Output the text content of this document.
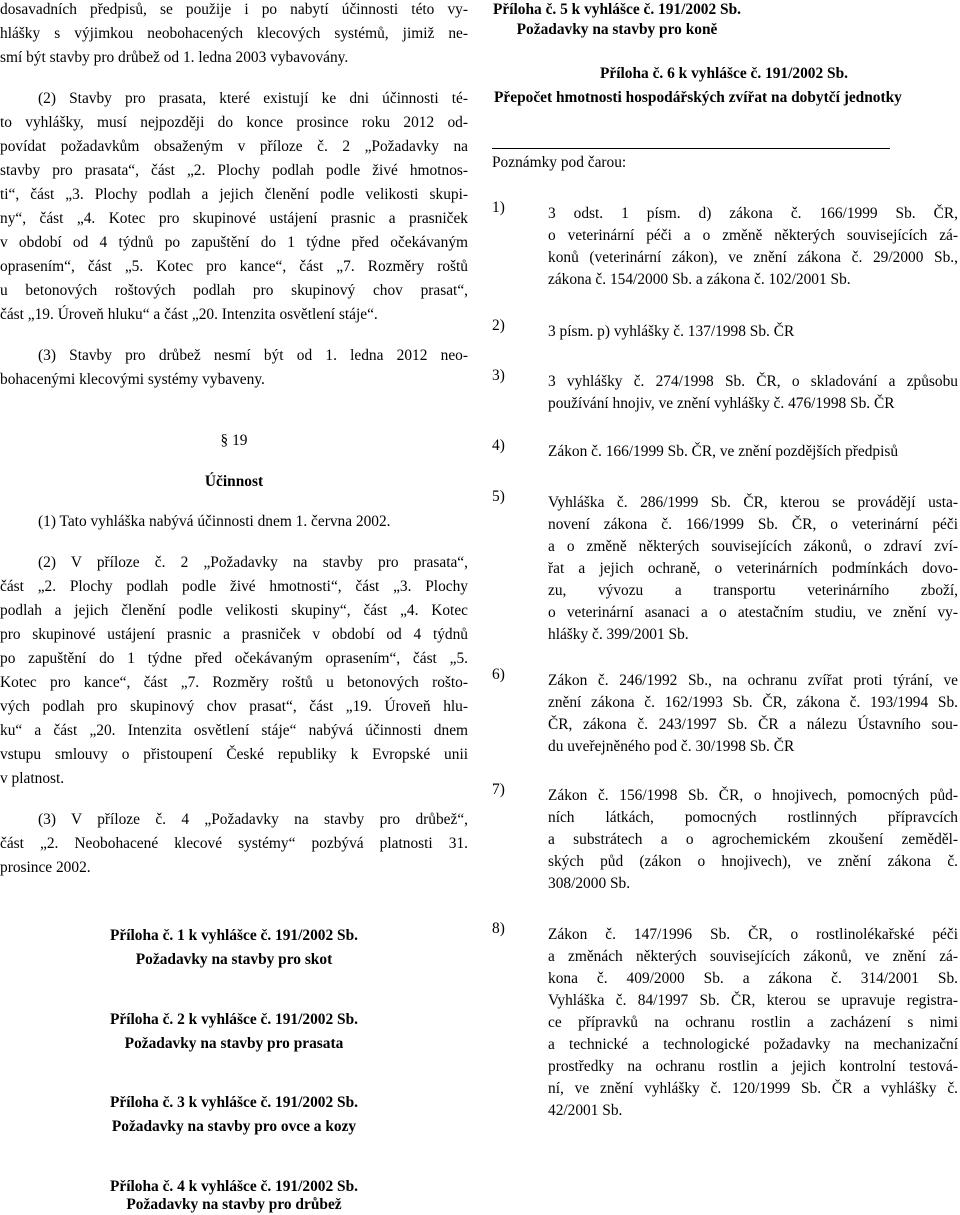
dosavadních předpisů, se použije i po nabytí účinnosti této vy-
hlášky s výjimkou neobohacených klecových systémů, jimiž ne-
smí být stavby pro drůbež od 1. ledna 2003 vybavovány.
(2) Stavby pro prasata, které existují ke dni účinnosti té-
to vyhlášky, musí nejpozději do konce prosince roku 2012 od-
povídat požadavkům obsaženým v příloze č. 2 „Požadavky na
stavby pro prasata“, část „2. Plochy podlah podle živé hmotnos-
ti“, část „3. Plochy podlah a jejich členění podle velikosti skupi-
ny“, část „4. Kotec pro skupinové ustájení prasnic a prasniček
v období od 4 týdnů po zapuštění do 1 týdne před očekávaným
oprasením“, část „5. Kotec pro kance“, část „7. Rozměry roštů
u betonových roštových podlah pro skupinový chov prasat“,
část „19. Úroveň hluku“ a část „20. Intenzita osvětlení stáje“.
(3) Stavby pro drůbež nesmí být od 1. ledna 2012 neo-
bohacenými klecovými systémy vybaveny.
§ 19
Účinnost
(1) Tato vyhláška nabývá účinnosti dnem 1. června 2002.
(2) V příloze č. 2 „Požadavky na stavby pro prasata“,
část „2. Plochy podlah podle živé hmotnosti“, část „3. Plochy
podlah a jejich členění podle velikosti skupiny“, část „4. Kotec
pro skupinové ustájení prasnic a prasniček v období od 4 týdnů
po zapuštění do 1 týdne před očekávaným oprasením“, část „5.
Kotec pro kance“, část „7. Rozměry roštů u betonových rošto-
vých podlah pro skupinový chov prasat“, část „19. Úroveň hlu-
ku“ a část „20. Intenzita osvětlení stáje“ nabývá účinnosti dnem
vstupu smlouvy o přistoupení České republiky k Evropské unii
v platnost.
(3) V příloze č. 4 „Požadavky na stavby pro drůbež“,
část „2. Neobohacené klecové systémy“ pozbývá platnosti 31.
prosince 2002.
Příloha č. 1 k vyhlášce č. 191/2002 Sb.
Požadavky na stavby pro skot
Příloha č. 2 k vyhlášce č. 191/2002 Sb.
Požadavky na stavby pro prasata
Příloha č. 3 k vyhlášce č. 191/2002 Sb.
Požadavky na stavby pro ovce a kozy
Příloha č. 4 k vyhlášce č. 191/2002 Sb.
Požadavky na stavby pro drůbež
Příloha č. 5 k vyhlášce č. 191/2002 Sb.
Požadavky na stavby pro koně
Příloha č. 6 k vyhlášce č. 191/2002 Sb.
Přepočet hmotnosti hospodářských zvířat na dobytčí jednotky
Poznámky pod čarou:
1)	3 odst. 1 písm. d) zákona č. 166/1999 Sb. ČR,
o veterinární péči a o změně některých souvisejících zá-
konů (veterinární zákon), ve znění zákona č. 29/2000 Sb.,
zákona č. 154/2000 Sb. a zákona č. 102/2001 Sb.
2)	3 písm. p) vyhlášky č. 137/1998 Sb. ČR
3)	3 vyhlášky č. 274/1998 Sb. ČR, o skladování a způsobu
používání hnojiv, ve znění vyhlášky č. 476/1998 Sb. ČR
4)	Zákon č. 166/1999 Sb. ČR, ve znění pozdějších předpisů
5)	Vyhláška č. 286/1999 Sb. ČR, kterou se provádějí usta-
novení zákona č. 166/1999 Sb. ČR, o veterinární péči
a o změně některých souvisejících zákonů, o zdraví zví-
řat a jejich ochraně, o veterinárních podmínkách dovo-
zu, vývozu a transportu veterinárního zboží,
o veterinární asanaci a o atestačním studiu, ve znění vy-
hlášky č. 399/2001 Sb.
6)	Zákon č. 246/1992 Sb., na ochranu zvířat proti týrání, ve
znění zákona č. 162/1993 Sb. ČR, zákona č. 193/1994 Sb.
ČR, zákona č. 243/1997 Sb. ČR a nálezu Ústavního sou-
du uveřejněného pod č. 30/1998 Sb. ČR
7)	Zákon č. 156/1998 Sb. ČR, o hnojivech, pomocných půd-
ních látkách, pomocných rostlinných přípravcích
a substrátech a o agrochemickém zkoušení zeměděl-
ských půd (zákon o hnojivech), ve znění zákona č.
308/2000 Sb.
8)	Zákon č. 147/1996 Sb. ČR, o rostlinolékařské péči
a změnách některých souvisejících zákonů, ve znění zá-
kona č. 409/2000 Sb. a zákona č. 314/2001 Sb.
Vyhláška č. 84/1997 Sb. ČR, kterou se upravuje registra-
ce přípravků na ochranu rostlin a zacházení s nimi
a technické a technologické požadavky na mechanizační
prostředky na ochranu rostlin a jejich kontrolní testová-
ní, ve znění vyhlášky č. 120/1999 Sb. ČR a vyhlášky č.
42/2001 Sb.
